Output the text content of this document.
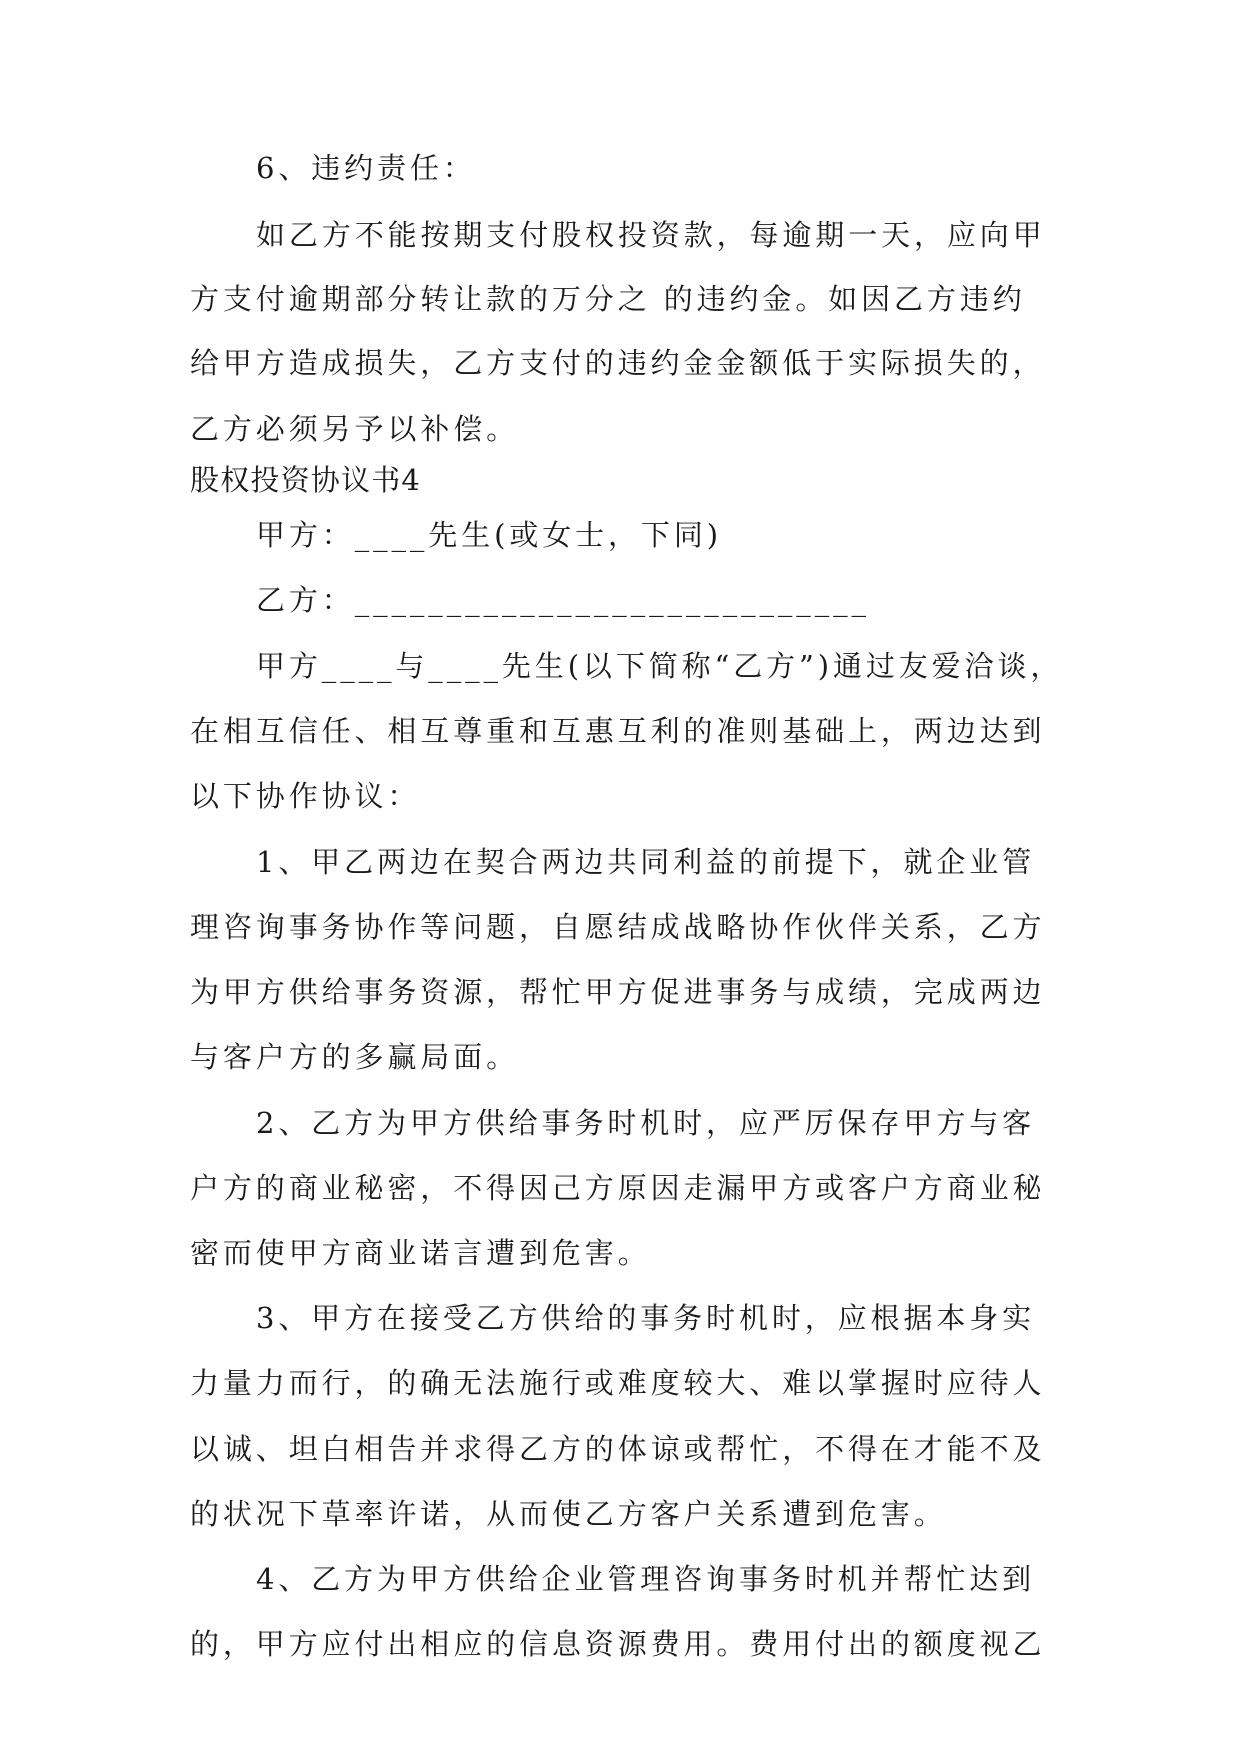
6、违约责任：
如乙方不能按期支付股权投资款，每逾期一天，应向甲
方支付逾期部分转让款的万分之 的违约金。如因乙方违约
给甲方造成损失，乙方支付的违约金金额低于实际损失的，
乙方必须另予以补偿。
股权投资协议书4
甲方：____先生(或女士，下同)
乙方：____________________________
甲方____与____先生(以下简称“乙方”)通过友爱洽谈，
在相互信任、相互尊重和互惠互利的准则基础上，两边达到
以下协作协议：
1、甲乙两边在契合两边共同利益的前提下，就企业管
理咨询事务协作等问题，自愿结成战略协作伙伴关系，乙方
为甲方供给事务资源，帮忙甲方促进事务与成绩，完成两边
与客户方的多赢局面。
2、乙方为甲方供给事务时机时，应严厉保存甲方与客
户方的商业秘密，不得因己方原因走漏甲方或客户方商业秘
密而使甲方商业诺言遭到危害。
3、甲方在接受乙方供给的事务时机时，应根据本身实
力量力而行，的确无法施行或难度较大、难以掌握时应待人
以诚、坦白相告并求得乙方的体谅或帮忙，不得在才能不及
的状况下草率许诺，从而使乙方客户关系遭到危害。
4、乙方为甲方供给企业管理咨询事务时机并帮忙达到
的，甲方应付出相应的信息资源费用。费用付出的额度视乙
